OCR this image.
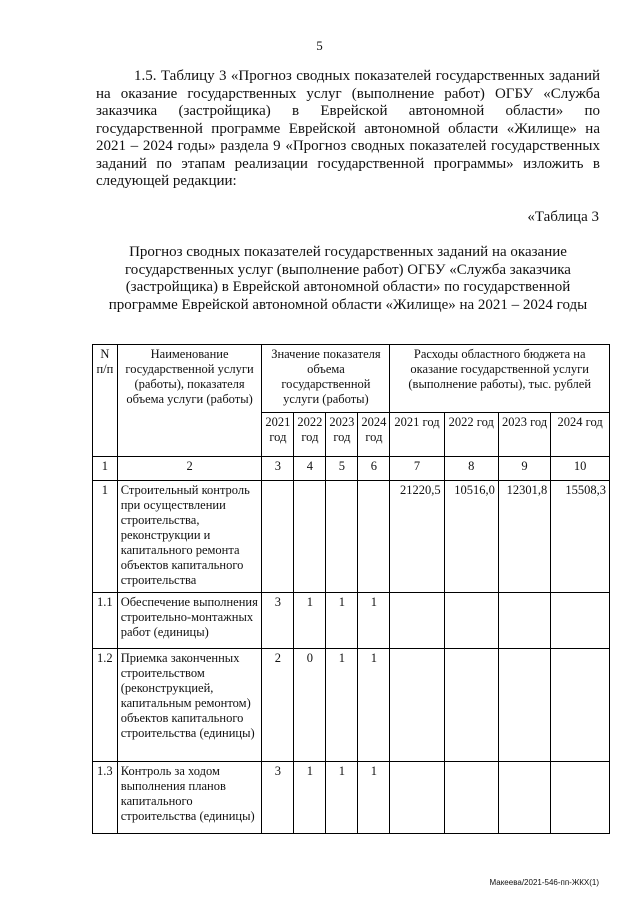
5
1.5. Таблицу 3 «Прогноз сводных показателей государственных заданий на оказание государственных услуг (выполнение работ) ОГБУ «Служба заказчика (застройщика) в Еврейской автономной области» по государственной программе Еврейской автономной области «Жилище» на 2021 – 2024 годы» раздела 9 «Прогноз сводных показателей государственных заданий по этапам реализации государственной программы» изложить в следующей редакции:
«Таблица 3
Прогноз сводных показателей государственных заданий на оказание государственных услуг (выполнение работ) ОГБУ «Служба заказчика (застройщика) в Еврейской автономной области» по государственной программе Еврейской автономной области «Жилище» на 2021 – 2024 годы
N п/п	Наименование государственной услуги (работы), показателя объема услуги (работы)	Значение показателя объема государственной услуги (работы)				Расходы областного бюджета на оказание государственной услуги (выполнение работы), тыс. рублей			
		2021 год	2022 год	2023 год	2024 год	2021 год	2022 год	2023 год	2024 год
1	2	3	4	5	6	7	8	9	10
1	Строительный контроль при осуществлении строительства, реконструкции и капитального ремонта объектов капитального строительства					21220,5	10516,0	12301,8	15508,3
1.1	Обеспечение выполнения строительно-монтажных работ (единицы)	3	1	1	1				
1.2	Приемка законченных строительством (реконструкцией, капитальным ремонтом) объектов капитального строительства (единицы)	2	0	1	1				
1.3	Контроль за ходом выполнения планов капитального строительства (единицы)	3	1	1	1				
Макеева/2021-546-пп-ЖКХ(1)
